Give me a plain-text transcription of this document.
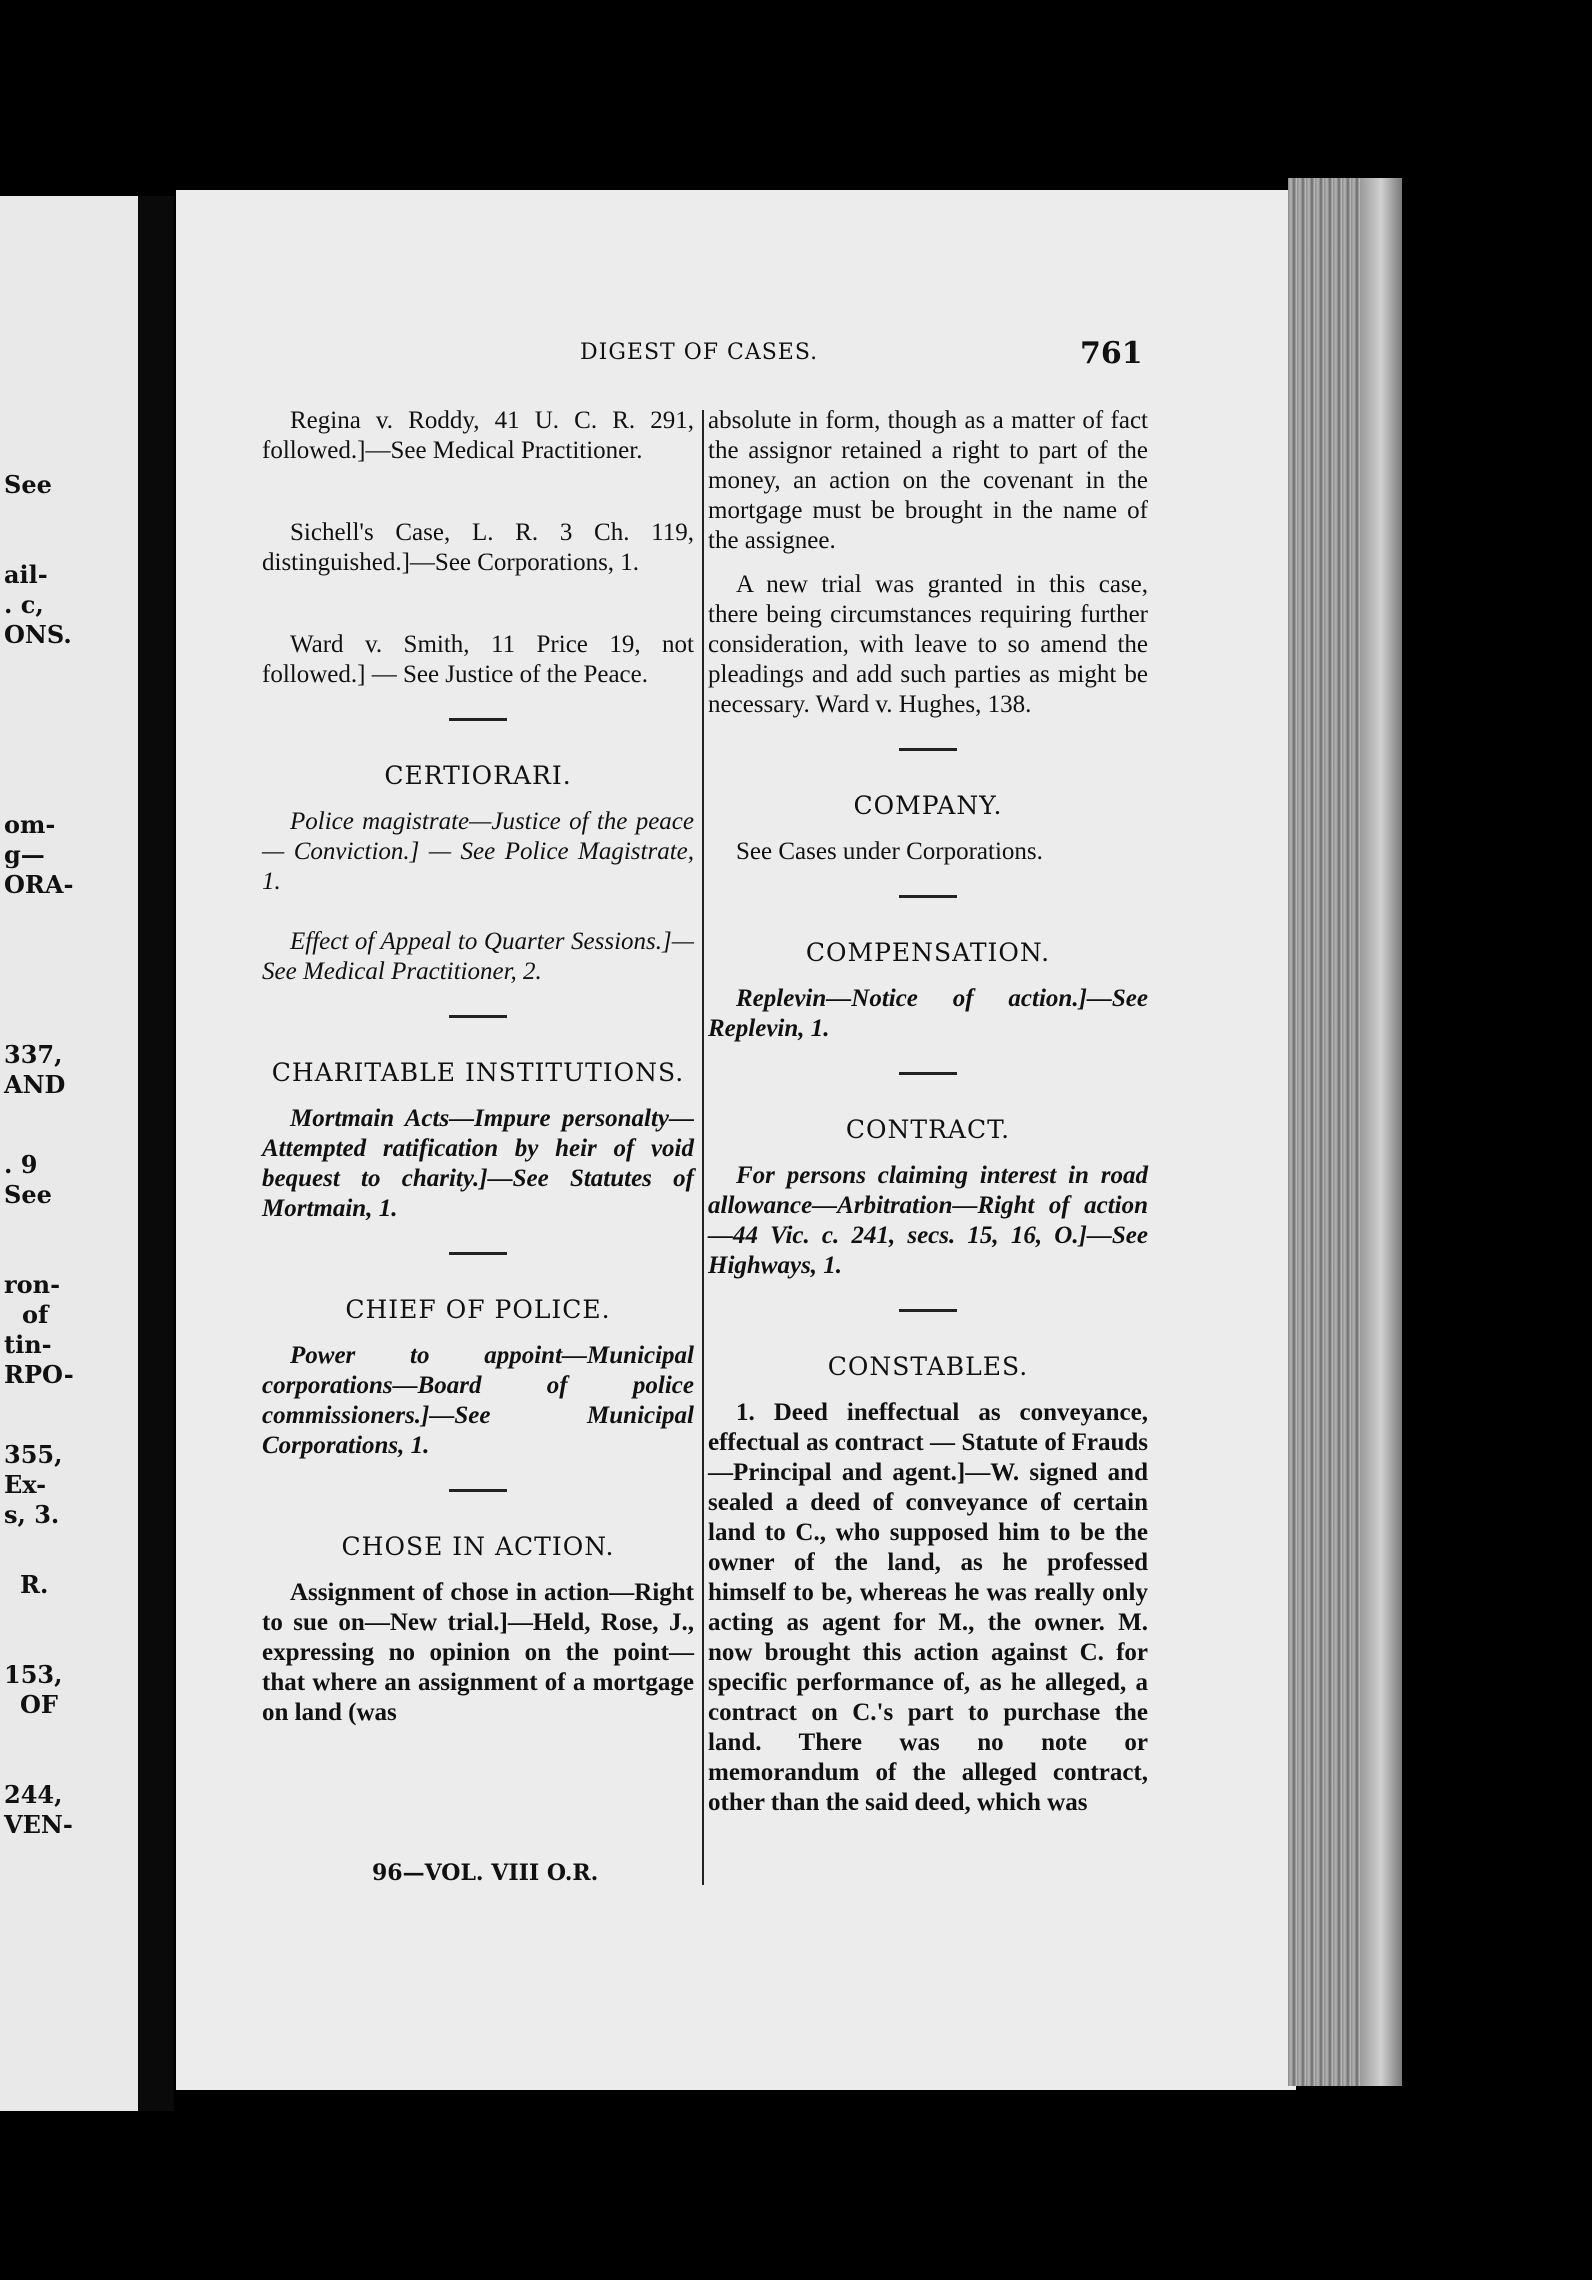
See
ail-
. c,
ONS.
om-
g—
ORA-
337,
AND
. 9
See
ron-
of
tin-
RPO-
355,
Ex-
s, 3.
R.
153,
OF
244,
VEN-
DIGEST OF CASES.	761

Regina v. Roddy, 41 U. C. R. 291, followed.]—See Medical Practitioner.

Sichell's Case, L. R. 3 Ch. 119, distinguished.]—See Corporations, 1.

Ward v. Smith, 11 Price 19, not followed.] — See Justice of the Peace.

CERTIORARI.

Police magistrate—Justice of the peace — Conviction.] — See Police Magistrate, 1.

Effect of Appeal to Quarter Sessions.]—See Medical Practitioner, 2.

CHARITABLE INSTITUTIONS.

Mortmain Acts—Impure personalty—Attempted ratification by heir of void bequest to charity.]—See Statutes of Mortmain, 1.

CHIEF OF POLICE.

Power to appoint—Municipal corporations—Board of police commissioners.]—See Municipal Corporations, 1.

CHOSE IN ACTION.

Assignment of chose in action—Right to sue on—New trial.]—Held, Rose, J., expressing no opinion on the point—that where an assignment of a mortgage on land (was

absolute in form, though as a matter of fact the assignor retained a right to part of the money, an action on the covenant in the mortgage must be brought in the name of the assignee.

A new trial was granted in this case, there being circumstances requiring further consideration, with leave to so amend the pleadings and add such parties as might be necessary. Ward v. Hughes, 138.

COMPANY.

See Cases under Corporations.

COMPENSATION.

Replevin—Notice of action.]—See Replevin, 1.

CONTRACT.

For persons claiming interest in road allowance—Arbitration—Right of action—44 Vic. c. 241, secs. 15, 16, O.]—See Highways, 1.

CONSTABLES.

1. Deed ineffectual as conveyance, effectual as contract — Statute of Frauds—Principal and agent.]—W. signed and sealed a deed of conveyance of certain land to C., who supposed him to be the owner of the land, as he professed himself to be, whereas he was really only acting as agent for M., the owner. M. now brought this action against C. for specific performance of, as he alleged, a contract on C.'s part to purchase the land. There was no note or memorandum of the alleged contract, other than the said deed, which was

96—VOL. VIII O.R.
